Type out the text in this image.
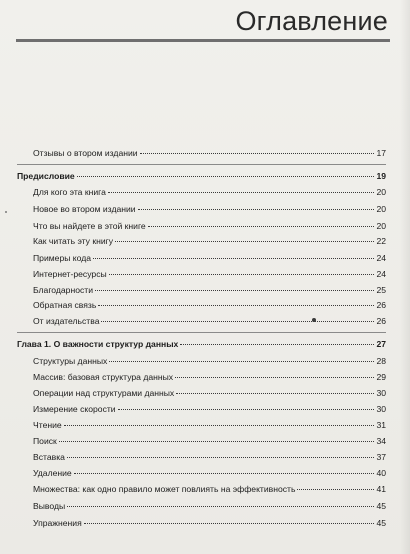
Оглавление
Отзывы о втором издании	17
Предисловие	19
Для кого эта книга	20
Новое во втором издании	20
Что вы найдете в этой книге	20
Как читать эту книгу	22
Примеры кода	24
Интернет-ресурсы	24
Благодарности	25
Обратная связь	26
От издательства	26
Глава 1. О важности структур данных	27
Структуры данных	28
Массив: базовая структура данных	29
Операции над структурами данных	30
Измерение скорости	30
Чтение	31
Поиск	34
Вставка	37
Удаление	40
Множества: как одно правило может повлиять на эффективность	41
Выводы	45
Упражнения	45
